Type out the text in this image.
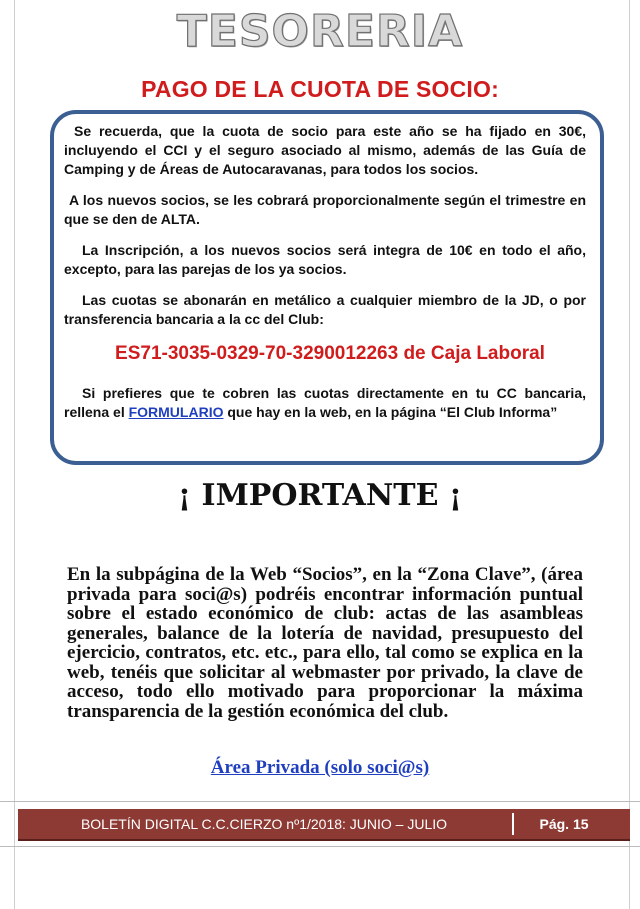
TESORERIA
PAGO DE LA CUOTA DE SOCIO:
Se recuerda, que la cuota de socio para este año se ha fijado en 30€, incluyendo el CCI y el seguro asociado al mismo, además de las Guía de Camping y de Áreas de Autocaravanas, para todos los socios.
A los nuevos socios, se les cobrará proporcionalmente según el trimestre en que se den de ALTA.
La Inscripción, a los nuevos socios será integra de 10€ en todo el año, excepto, para las parejas de los ya socios.
Las cuotas se abonarán en metálico a cualquier miembro de la JD, o por transferencia bancaria a la cc del Club:
ES71-3035-0329-70-3290012263 de Caja Laboral
Si prefieres que te cobren las cuotas directamente en tu CC bancaria, rellena el FORMULARIO que hay en la web, en la página “El Club Informa”
¡ IMPORTANTE ¡
En la subpágina de la Web “Socios”, en la “Zona Clave”, (área privada para soci@s) podréis encontrar información puntual sobre el estado económico de club: actas de las asambleas generales, balance de la lotería de navidad, presupuesto del ejercicio, contratos, etc. etc., para ello, tal como se explica en la web, tenéis que solicitar al webmaster por privado, la clave de acceso, todo ello motivado para proporcionar la máxima transparencia de la gestión económica del club.
Área Privada (solo soci@s)
BOLETÍN DIGITAL C.C.CIERZO nº1/2018: JUNIO – JULIO	Pág. 15
